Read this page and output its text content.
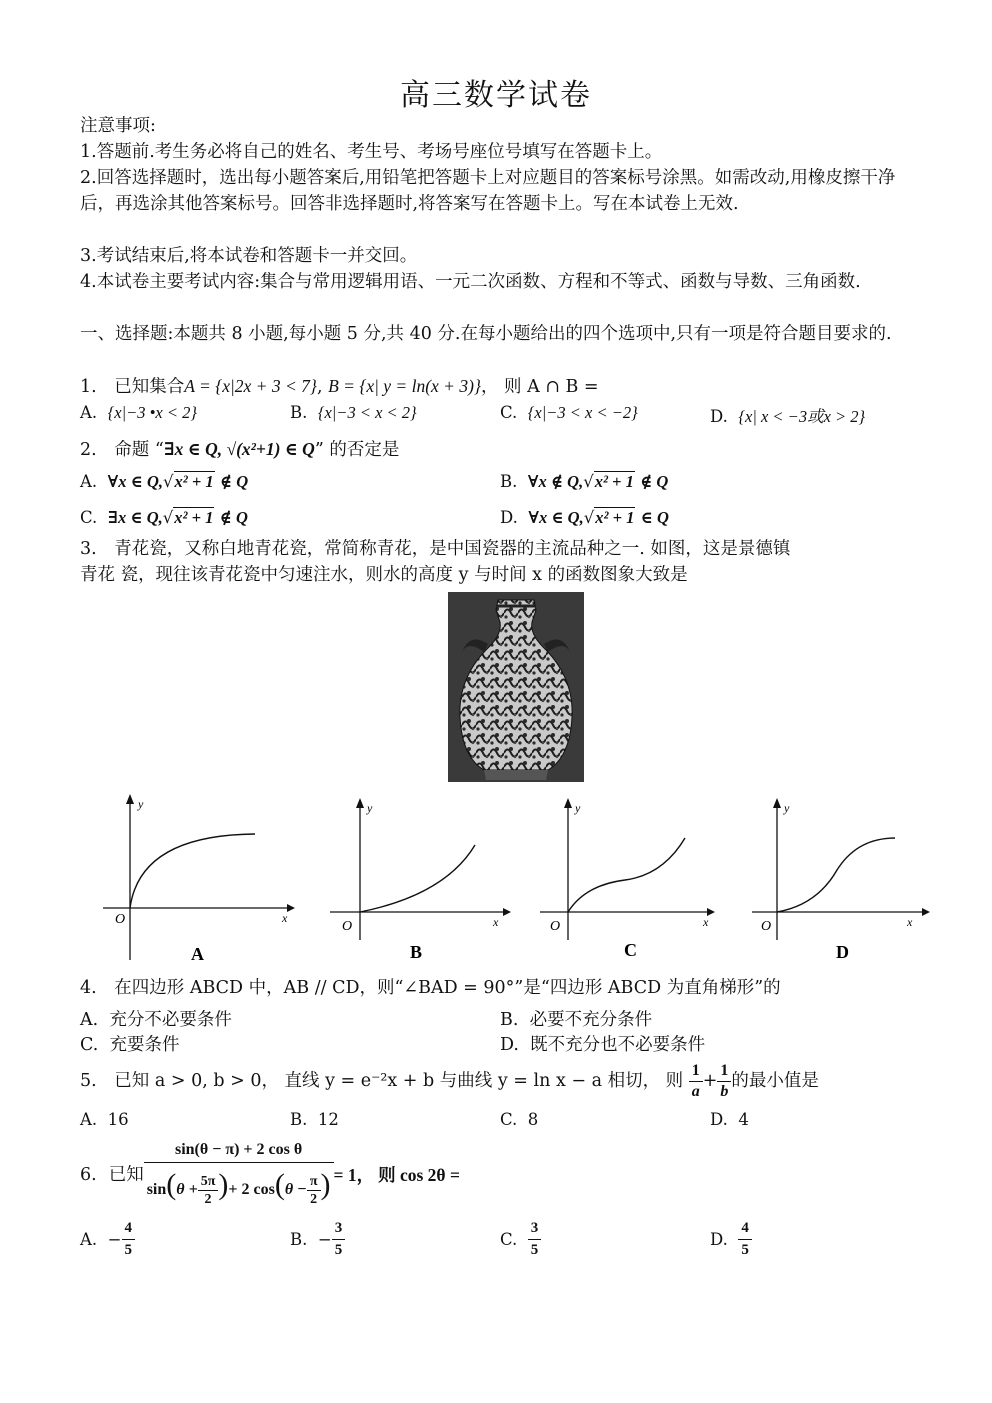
高三数学试卷
注意事项:
1.答题前.考生务必将自己的姓名、考生号、考场号座位号填写在答题卡上。
2.回答选择题时，选出每小题答案后,用铅笔把答题卡上对应题目的答案标号涂黑。如需改动,用橡皮擦干净后，再选涂其他答案标号。回答非选择题时,将答案写在答题卡上。写在本试卷上无效.
3.考试结束后,将本试卷和答题卡一并交回。
4.本试卷主要考试内容:集合与常用逻辑用语、一元二次函数、方程和不等式、函数与导数、三角函数.
一、选择题:本题共 8 小题,每小题 5 分,共 40 分.在每小题给出的四个选项中,只有一项是符合题目要求的.
1. 已知集合A = {x|2x + 3 < 7}, B = {x| y = ln(x + 3)}， 则 A ∩ B =
A. {x|−3 •x < 2}	B. {x|−3 < x < 2}	C. {x|−3 < x < −2}	D. {x| x < −3或x > 2}
2. 命题 “∃x ∈ Q, √(x²+1) ∈ Q” 的否定是
A. ∀x ∈ Q,√x² + 1 ∉ Q	B. ∀x ∉ Q,√x² + 1 ∉ Q
C. ∃x ∈ Q,√x² + 1 ∉ Q	D. ∀x ∈ Q,√x² + 1 ∈ Q
3. 青花瓷，又称白地青花瓷，常简称青花，是中国瓷器的主流品种之一. 如图，这是景德镇
青花 瓷，现往该青花瓷中匀速注水，则水的高度 y 与时间 x 的函数图象大致是
y
x
O
A
y
x
O
B
y
x
O
C
y
x
O
D
4. 在四边形 ABCD 中，AB // CD，则“∠BAD = 90°”是“四边形 ABCD 为直角梯形”的
A. 充分不必要条件	B. 必要不充分条件
C. 充要条件	D. 既不充分也不必要条件
5. 已知 a > 0, b > 0， 直线 y = e⁻²x + b 与曲线 y = ln x − a 相切， 则 $\frac{1}{a} + \frac{1}{b}$ 的最小值是
A. 16	B. 12	C. 8	D. 4
6. 已知 $\frac{\text{sin(θ − π) + 2 cos θ}}{\sin(\theta + \frac{5\pi}{2} )+ 2 \cos(\theta - \frac{\pi}{2} )} = 1$， 则 cos 2θ =
A.
− $\frac{4}{5}$	B.
− $\frac{3}{5}$	C.
$\frac{3}{5}$	D.
$\frac{4}{5}$
